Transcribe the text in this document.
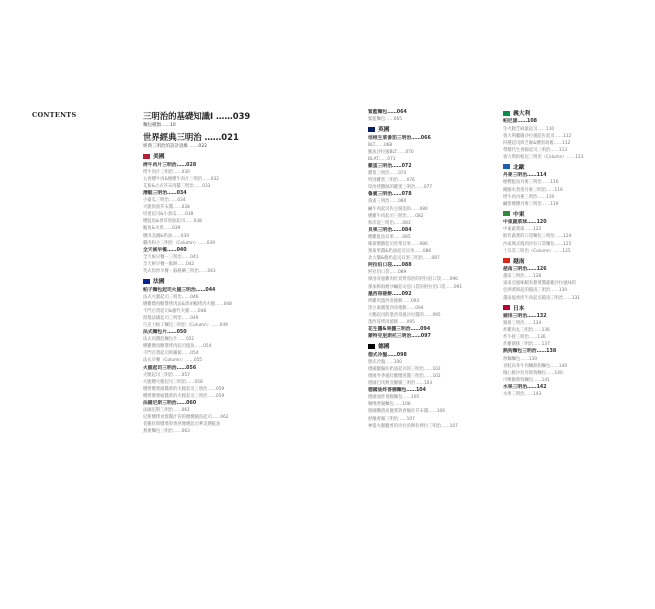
CONTENTS	三明治的基礎知識Ⅰ ……039
麵包種類……10
世界經典三明治 ……021
經典三明治的設計思維 ……022
美國
烤牛肉片三明治……028
烤牛肉片三明治……030
五香燻牛肉&煙燻牛肉片三明治……032
艾迪&古式芥末肉醬三明治……033
潛艇三明治……034
小臺瓜三明治……034
火腿與黃芥末醬……038
切達起司&小黃瓜……038
燻鮭魚&香草奶油起司……038
鮪魚&水煮……039
燻肉美國&奶油……039
雞肉和小三明治（Column）……039
全天候早餐……040
全天候早餐－三明治……041
全天候早餐－鬆餅……042
英式焦炒早餐・蘇格蘭三明治……043
法國
帕子麵包起司火腿三明治……044
法式火腿起司三明治……046
燻雞燉肉糖漿烤肉法&黑胡椒烤肉火腿……048
千門百貨起司&鮪代火腿……048
照燒法國起司三明治……049
巧克力帕子麵包三明治（Column）……049
法式麵包片……050
法式肉醬混麵包片……052
燻雞燉肉糖漿烤肉起司燒魚……054
千門百貨起司與蘿蔔……054
法式早餐（Column）……055
火腿起司三明治……056
火腿起司三明治……057
火腿燻火腿起司三明治……058
燻烤燉菜頭醬黃的火腿起司三明治……059
燻烤燉菜頭醬黃的火腿起司三明治……059
法國尼斯三明治……060
法國尼斯三明治……061
尼斯燻烤食群醬汁你的煙燻鮪魚起司……062
普羅旺斯燉菜與香煎煙燻起司華美燻鮭魚
燕麥麵包三明治……063
緊藍麵包……064
緊藍麵包……065
英國
培根生菜番茄三明治……066
BLT……068
鮪魚沙拉風BLT……070
BLAT……071
雞蛋三明治……072
雞蛋三明治……074
特別雞蛋三明治……076
印度烤雞做的雞蛋三明治……077
魯賓三明治……078
魯賓三明治……080
鹹牛肉起司佐豆腐泡的……080
燻雞牛肉起司三明治……082
和洋混三明治……083
貝果三明治……084
燻雞鮭魚貝果……085
煉黃燉雞起司煎菜貝果……086
蜜菊果醬&奶油起司貝果……086
北大鵝&酪奶起司貝果三明治……087
阿拉伯口袋……088
阿拉伯口袋……089
摩洛哥風雞肉佐炭烤茄煎的阿拉伯口袋……090
孫加勒海煙沙鹹起司亞口袋的阿拉伯口袋……091
墨西哥捲餅……092
烤雞肉墨西哥捲餅……093
黑豆素雞墨西哥捲餅……094
大鵝起司的墨西哥風沙拉醬的……095
墨西哥烤肉捲餅……095
花生醬&果醬三明治……094
蒙特克里斯托三明治……097
德國
德式冷盤……098
德式冷盤……100
德國臘腸佐奶油起司的三明治……102
德國冬季風紅酸燉煎醬三明治……102
德國巴伐利亞臘腸三明治……103
德國油炸香腸麵包……104
德國油炸香腸麵包……105
咖哩香腸麵包……106
德國醃漬高麗菜與香腸佐芥末醬……106
舒蘭香腸三明治……107
神提火腿臘香的沙拉煎餅佐裡拉三明治……107
義大利
帕尼諾……108
生火腿芝麻葉起司……110
義大利臘腸沙拉風乾佐起司……112
四種起司與芝麻&燻黑胡椒……112
帶燉代生香腸起司三明治……113
義大利的帕尼三明治（Column）……113
北歐
丹麥三明治……114
煙燻鮭魚丹麥三明治……116
剛鮪水煮蛋丹麥三明治……116
烤牛肉丹麥三明治……119
鹹蛋煙燻丹麥三明治……119
中東
中東蔬菜球……120
中東蔬菜球……122
鮮炸蔬菜的口袋麵包三明治……124
沙威瑪式燒肉沙拉口袋麵包……125
土耳其三明治（Column）……125
越南
越南三明治……126
越南三明治……128
東南亞風味蝦米甜菜醬龍蝦沙拉風味的
亞洲菜餡起的越南三明治……130
越南風香煎牛肉起司越南三明治……131
日本
豬排三明治……132
豬排三明治……134
炸雞肉丸三明治……136
炸牛排三明治……136
炸雞豬排三明治……137
熱狗麵包三明治……138
炒麵麵包……139
青蛙烏冬牛肉麵熱狗麵包……140
鏡心鮮沙拉炸熱狗麵包……140
可樂餅熱狗麵包……141
水果三明治……142
水果三明治……143
